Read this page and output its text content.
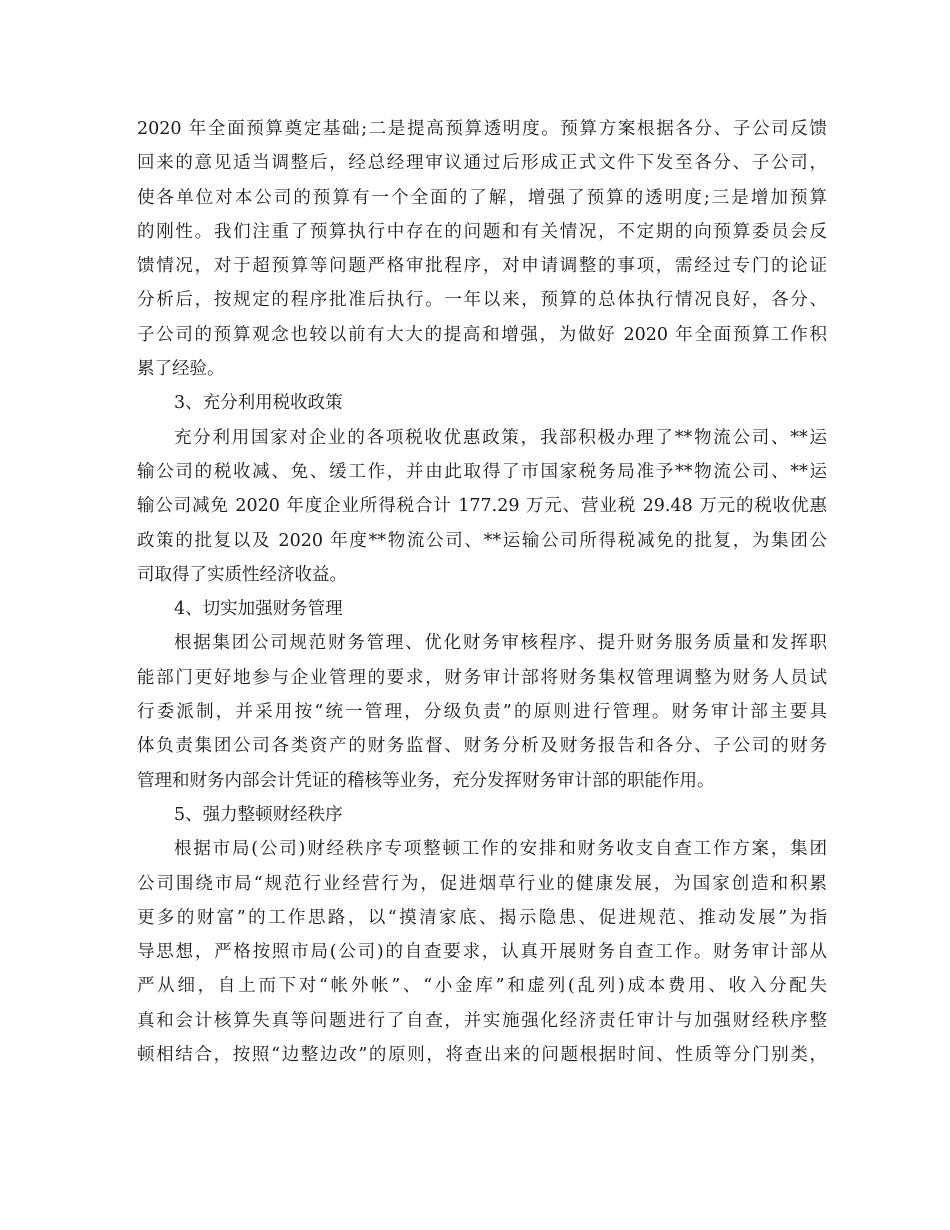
2020 年全面预算奠定基础;二是提高预算透明度。预算方案根据各分、子公司反馈
回来的意见适当调整后，经总经理审议通过后形成正式文件下发至各分、子公司，
使各单位对本公司的预算有一个全面的了解，增强了预算的透明度;三是增加预算
的刚性。我们注重了预算执行中存在的问题和有关情况，不定期的向预算委员会反
馈情况，对于超预算等问题严格审批程序，对申请调整的事项，需经过专门的论证
分析后，按规定的程序批准后执行。一年以来，预算的总体执行情况良好，各分、
子公司的预算观念也较以前有大大的提高和增强，为做好 2020 年全面预算工作积
累了经验。
3、充分利用税收政策
充分利用国家对企业的各项税收优惠政策，我部积极办理了**物流公司、**运
输公司的税收减、免、缓工作，并由此取得了市国家税务局准予**物流公司、**运
输公司减免 2020 年度企业所得税合计 177.29 万元、营业税 29.48 万元的税收优惠
政策的批复以及 2020 年度**物流公司、**运输公司所得税减免的批复，为集团公
司取得了实质性经济收益。
4、切实加强财务管理
根据集团公司规范财务管理、优化财务审核程序、提升财务服务质量和发挥职
能部门更好地参与企业管理的要求，财务审计部将财务集权管理调整为财务人员试
行委派制，并采用按“统一管理，分级负责”的原则进行管理。财务审计部主要具
体负责集团公司各类资产的财务监督、财务分析及财务报告和各分、子公司的财务
管理和财务内部会计凭证的稽核等业务，充分发挥财务审计部的职能作用。
5、强力整顿财经秩序
根据市局(公司)财经秩序专项整顿工作的安排和财务收支自查工作方案，集团
公司围绕市局“规范行业经营行为，促进烟草行业的健康发展，为国家创造和积累
更多的财富”的工作思路，以“摸清家底、揭示隐患、促进规范、推动发展”为指
导思想，严格按照市局(公司)的自查要求，认真开展财务自查工作。财务审计部从
严从细，自上而下对“帐外帐”、“小金库”和虚列(乱列)成本费用、收入分配失
真和会计核算失真等问题进行了自查，并实施强化经济责任审计与加强财经秩序整
顿相结合，按照“边整边改”的原则，将查出来的问题根据时间、性质等分门别类，
